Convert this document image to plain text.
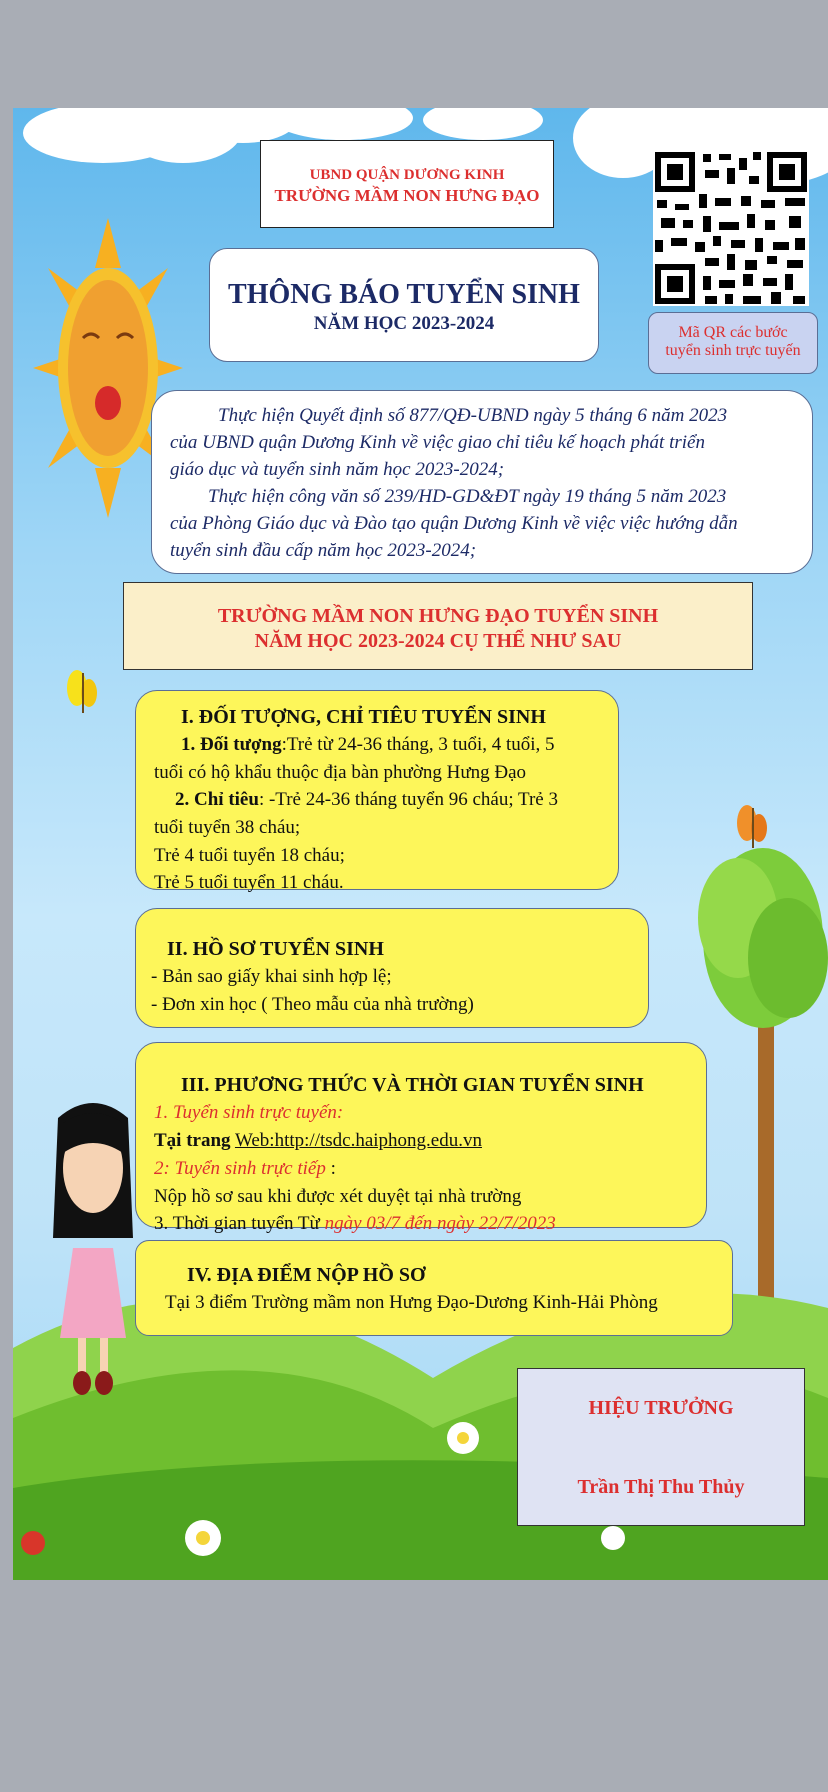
UBND QUẬN DƯƠNG KINH
TRƯỜNG MẦM NON HƯNG ĐẠO
THÔNG BÁO TUYỂN SINH
NĂM HỌC 2023-2024	Mã QR các bước
tuyển sinh trực tuyến
Thực hiện Quyết định số 877/QĐ-UBND ngày 5 tháng 6 năm 2023
của UBND quận Dương Kinh về việc giao chỉ tiêu kế hoạch phát triển
giáo dục và tuyển sinh năm học 2023-2024;
Thực hiện công văn số 239/HD-GD&ĐT ngày 19 tháng 5 năm 2023
của Phòng Giáo dục và Đào tạo quận Dương Kinh về việc việc hướng dẫn
tuyển sinh đầu cấp năm học 2023-2024;
TRƯỜNG MẦM NON HƯNG ĐẠO TUYỂN SINH
NĂM HỌC 2023-2024 CỤ THỂ NHƯ SAU
I. ĐỐI TƯỢNG, CHỈ TIÊU TUYỂN SINH
1. Đối tượng:Trẻ từ 24-36 tháng, 3 tuổi, 4 tuổi, 5
tuổi có hộ khẩu thuộc địa bàn phường Hưng Đạo
2. Chỉ tiêu: -Trẻ 24-36 tháng tuyển 96 cháu; Trẻ 3
tuổi tuyển 38 cháu;
Trẻ 4 tuổi tuyển 18 cháu;
Trẻ 5 tuổi tuyển 11 cháu.
II. HỒ SƠ TUYỂN SINH
- Bản sao giấy khai sinh hợp lệ;
- Đơn xin học ( Theo mẫu của nhà trường)
III. PHƯƠNG THỨC VÀ THỜI GIAN TUYỂN SINH
1. Tuyển sinh trực tuyến:
Tại trang Web:http://tsdc.haiphong.edu.vn
2: Tuyển sinh trực tiếp :
Nộp hồ sơ sau khi được xét duyệt tại nhà trường
3. Thời gian tuyển Từ ngày 03/7 đến ngày 22/7/2023
IV. ĐỊA ĐIỂM NỘP HỒ SƠ
Tại 3 điểm Trường mầm non Hưng Đạo-Dương Kinh-Hải Phòng
HIỆU TRƯỞNG
Trần Thị Thu Thủy
